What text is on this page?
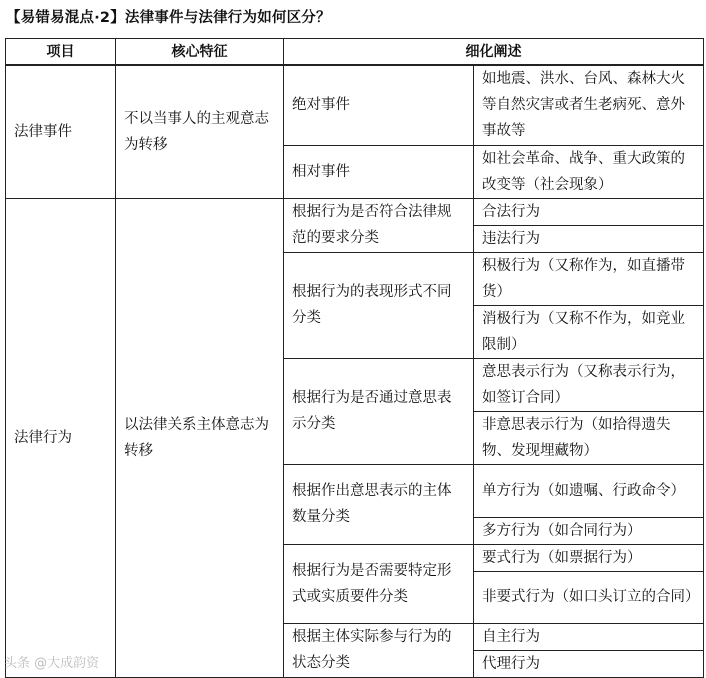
【易错易混点·2】法律事件与法律行为如何区分？
项目	核心特征	细化阐述	
法律事件	不以当事人的主观意志为转移	绝对事件	如地震、洪水、台风、森林大火等自然灾害或者生老病死、意外事故等
		相对事件	如社会革命、战争、重大政策的改变等（社会现象）
法律行为	以法律关系主体意志为转移	根据行为是否符合法律规范的要求分类	合法行为
			违法行为
		根据行为的表现形式不同分类	积极行为（又称作为，如直播带货）
			消极行为（又称不作为，如竞业限制）
		根据行为是否通过意思表示分类	意思表示行为（又称表示行为，如签订合同）
			非意思表示行为（如拾得遗失物、发现埋藏物）
		根据作出意思表示的主体数量分类	单方行为（如遗嘱、行政命令）
			多方行为（如合同行为）
		根据行为是否需要特定形式或实质要件分类	要式行为（如票据行为）
			非要式行为（如口头订立的合同）
		根据主体实际参与行为的状态分类	自主行为
			代理行为
头条 @大成韵资
